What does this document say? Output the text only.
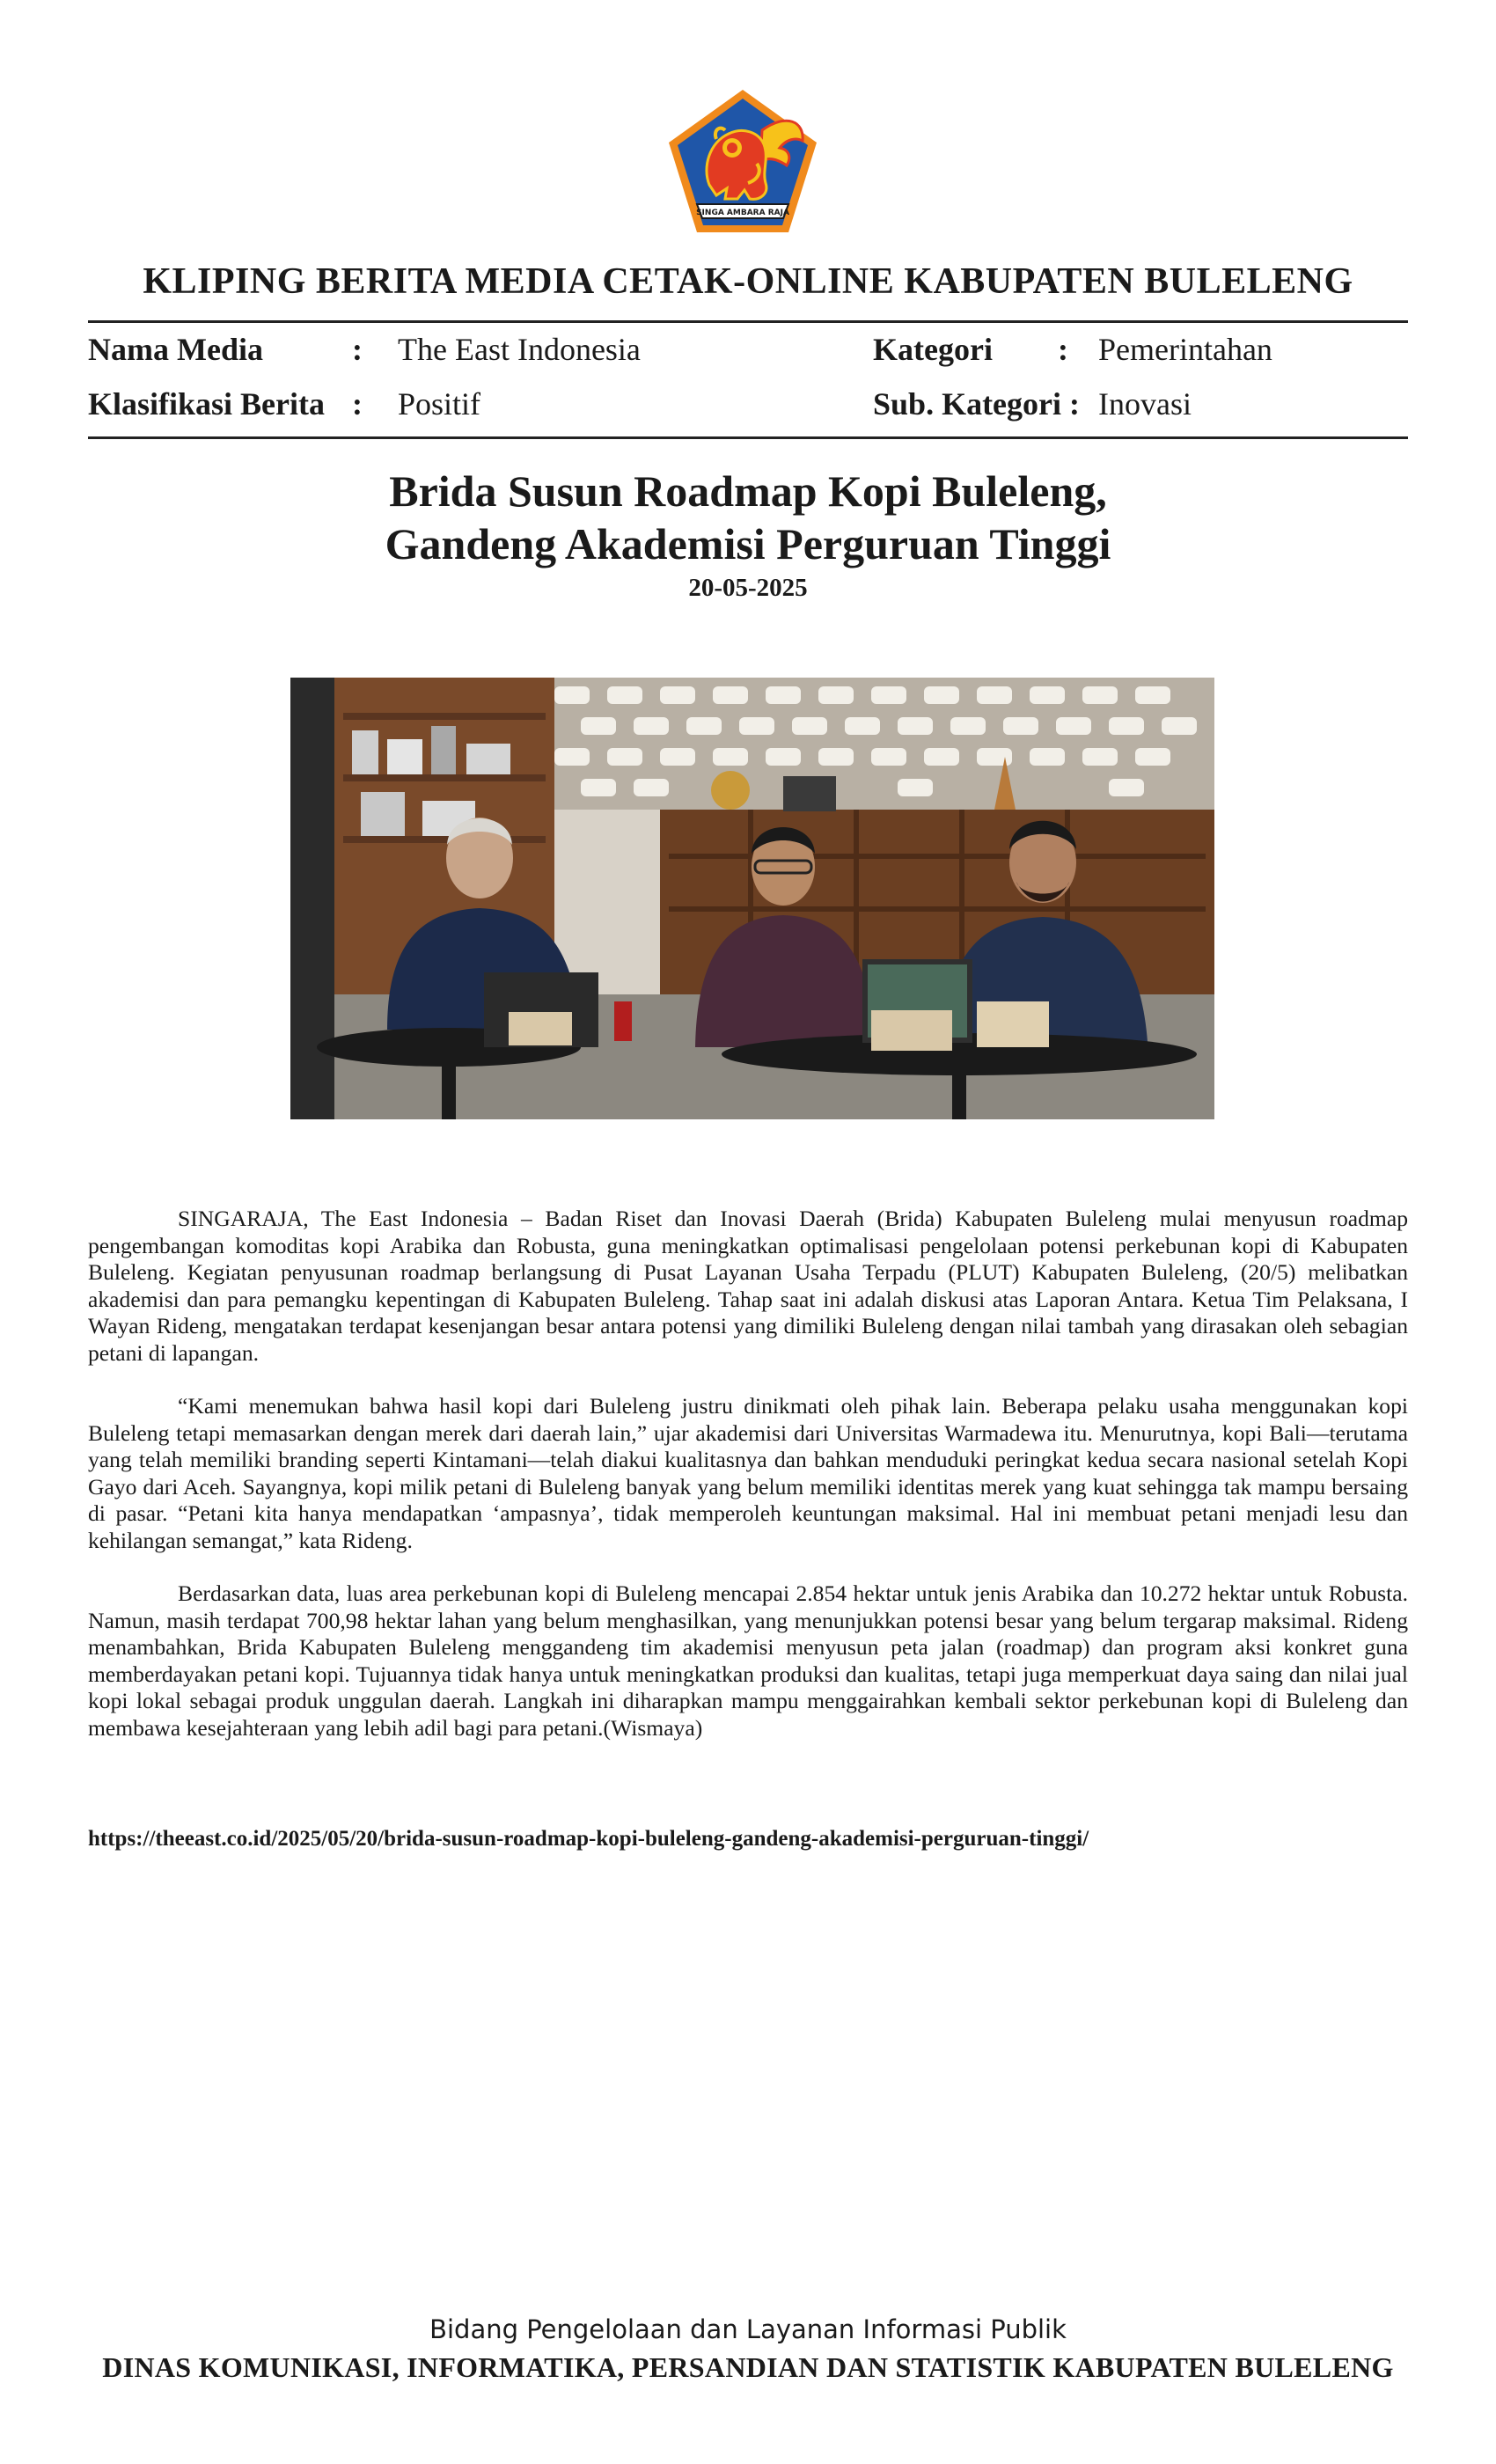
SINGA AMBARA RAJA
KLIPING BERITA MEDIA CETAK-ONLINE KABUPATEN BULELENG
Nama Media	: The East Indonesia	Kategori : Pemerintahan
Klasifikasi Berita : Positif	Sub. Kategori : Inovasi
Brida Susun Roadmap Kopi Buleleng,
Gandeng Akademisi Perguruan Tinggi
20-05-2025

SINGARAJA, The East Indonesia – Badan Riset dan Inovasi Daerah (Brida) Kabupaten Buleleng mulai menyusun roadmap pengembangan komoditas kopi Arabika dan Robusta, guna meningkatkan optimalisasi pengelolaan potensi perkebunan kopi di Kabupaten Buleleng. Kegiatan penyusunan roadmap berlangsung di Pusat Layanan Usaha Terpadu (PLUT) Kabupaten Buleleng, (20/5) melibatkan akademisi dan para pemangku kepentingan di Kabupaten Buleleng. Tahap saat ini adalah diskusi atas Laporan Antara. Ketua Tim Pelaksana, I Wayan Rideng, mengatakan terdapat kesenjangan besar antara potensi yang dimiliki Buleleng dengan nilai tambah yang dirasakan oleh sebagian petani di lapangan.

“Kami menemukan bahwa hasil kopi dari Buleleng justru dinikmati oleh pihak lain. Beberapa pelaku usaha menggunakan kopi Buleleng tetapi memasarkan dengan merek dari daerah lain,” ujar akademisi dari Universitas Warmadewa itu. Menurutnya, kopi Bali—terutama yang telah memiliki branding seperti Kintamani—telah diakui kualitasnya dan bahkan menduduki peringkat kedua secara nasional setelah Kopi Gayo dari Aceh. Sayangnya, kopi milik petani di Buleleng banyak yang belum memiliki identitas merek yang kuat sehingga tak mampu bersaing di pasar. “Petani kita hanya mendapatkan ‘ampasnya’, tidak memperoleh keuntungan maksimal. Hal ini membuat petani menjadi lesu dan kehilangan semangat,” kata Rideng.

Berdasarkan data, luas area perkebunan kopi di Buleleng mencapai 2.854 hektar untuk jenis Arabika dan 10.272 hektar untuk Robusta. Namun, masih terdapat 700,98 hektar lahan yang belum menghasilkan, yang menunjukkan potensi besar yang belum tergarap maksimal. Rideng menambahkan, Brida Kabupaten Buleleng menggandeng tim akademisi menyusun peta jalan (roadmap) dan program aksi konkret guna memberdayakan petani kopi. Tujuannya tidak hanya untuk meningkatkan produksi dan kualitas, tetapi juga memperkuat daya saing dan nilai jual kopi lokal sebagai produk unggulan daerah. Langkah ini diharapkan mampu menggairahkan kembali sektor perkebunan kopi di Buleleng dan membawa kesejahteraan yang lebih adil bagi para petani.(Wismaya)

https://theeast.co.id/2025/05/20/brida-susun-roadmap-kopi-buleleng-gandeng-akademisi-perguruan-tinggi/
Bidang Pengelolaan dan Layanan Informasi Publik
DINAS KOMUNIKASI, INFORMATIKA, PERSANDIAN DAN STATISTIK KABUPATEN BULELENG
